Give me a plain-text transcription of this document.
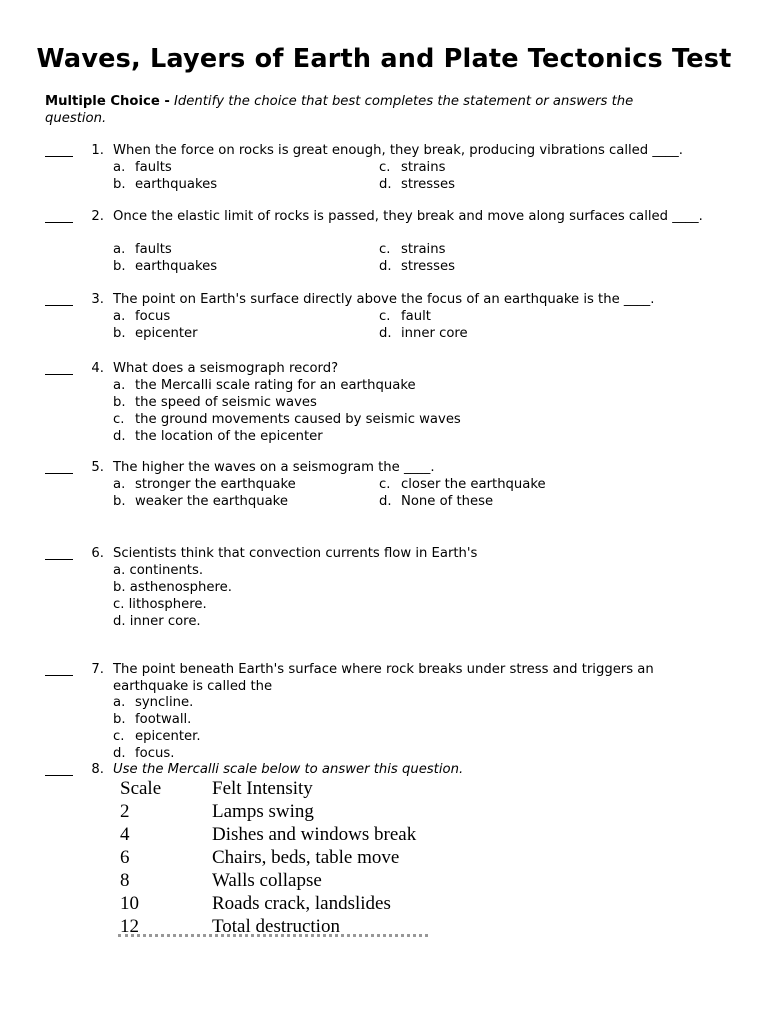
Waves, Layers of Earth and Plate Tectonics Test
Multiple Choice - Identify the choice that best completes the statement or answers the question.
1. When the force on rocks is great enough, they break, producing vibrations called ____.
a. faults
b. earthquakes
c. strains
d. stresses
2. Once the elastic limit of rocks is passed, they break and move along surfaces called ____.
a. faults
b. earthquakes
c. strains
d. stresses
3. The point on Earth's surface directly above the focus of an earthquake is the ____.
a. focus
b. epicenter
c. fault
d. inner core
4. What does a seismograph record?
a. the Mercalli scale rating for an earthquake
b. the speed of seismic waves
c. the ground movements caused by seismic waves
d. the location of the epicenter
5. The higher the waves on a seismogram the ____.
a. stronger the earthquake
b. weaker the earthquake
c. closer the earthquake
d. None of these
6. Scientists think that convection currents flow in Earth's
a. continents.
b. asthenosphere.
c. lithosphere.
d. inner core.
7. The point beneath Earth's surface where rock breaks under stress and triggers an earthquake is called the
a. syncline.
b. footwall.
c. epicenter.
d. focus.
8. Use the Mercalli scale below to answer this question.
Scale	Felt Intensity
2	Lamps swing
4	Dishes and windows break
6	Chairs, beds, table move
8	Walls collapse
10	Roads crack, landslides
12	Total destruction
